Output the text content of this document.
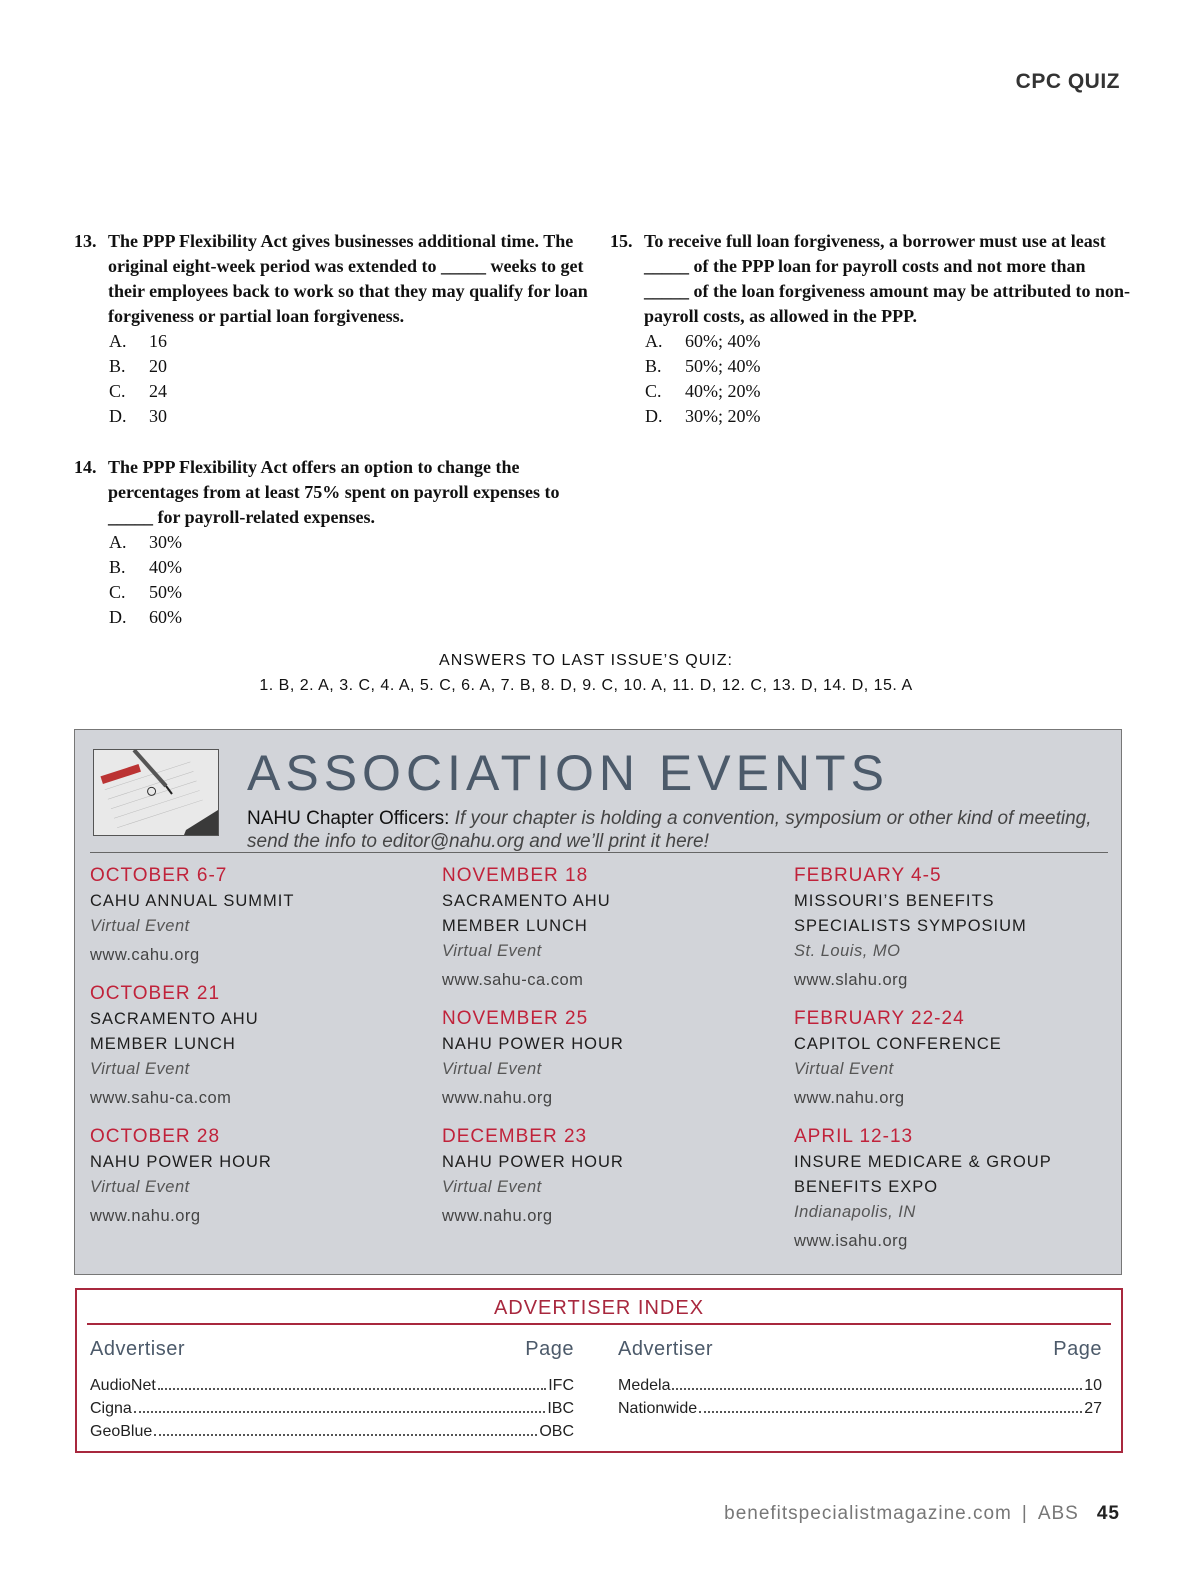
CPC QUIZ
13. The PPP Flexibility Act gives businesses additional time. The original eight-week period was extended to _____ weeks to get their employees back to work so that they may qualify for loan forgiveness or partial loan forgiveness.
A.	16
B.	20
C.	24
D.	30
14. The PPP Flexibility Act offers an option to change the percentages from at least 75% spent on payroll expenses to _____ for payroll-related expenses.
A.	30%
B.	40%
C.	50%
D.	60%
15. To receive full loan forgiveness, a borrower must use at least _____ of the PPP loan for payroll costs and not more than _____ of the loan forgiveness amount may be attributed to non-payroll costs, as allowed in the PPP.
A.	60%; 40%
B.	50%; 40%
C.	40%; 20%
D.	30%; 20%
ANSWERS TO LAST ISSUE’S QUIZ:
1. B, 2. A, 3. C, 4. A, 5. C, 6. A, 7. B, 8. D, 9. C, 10. A, 11. D, 12. C, 13. D, 14. D, 15. A
ASSOCIATION EVENTS
NAHU Chapter Officers: If your chapter is holding a convention, symposium or other kind of meeting, send the info to editor@nahu.org and we’ll print it here!
OCTOBER 6-7
CAHU ANNUAL SUMMIT
Virtual Event
www.cahu.org
OCTOBER 21
SACRAMENTO AHU
MEMBER LUNCH
Virtual Event
www.sahu-ca.com
OCTOBER 28
NAHU POWER HOUR
Virtual Event
www.nahu.org
NOVEMBER 18
SACRAMENTO AHU
MEMBER LUNCH
Virtual Event
www.sahu-ca.com
NOVEMBER 25
NAHU POWER HOUR
Virtual Event
www.nahu.org
DECEMBER 23
NAHU POWER HOUR
Virtual Event
www.nahu.org
FEBRUARY 4-5
MISSOURI’S BENEFITS
SPECIALISTS SYMPOSIUM
St. Louis, MO
www.slahu.org
FEBRUARY 22-24
CAPITOL CONFERENCE
Virtual Event
www.nahu.org
APRIL 12-13
INSURE MEDICARE & GROUP
BENEFITS EXPO
Indianapolis, IN
www.isahu.org
ADVERTISER INDEX
Advertiser	Page
AudioNet	IFC
Cigna	IBC
GeoBlue	OBC
Advertiser	Page
Medela	10
Nationwide	27
benefitspecialistmagazine.com | ABS 45
